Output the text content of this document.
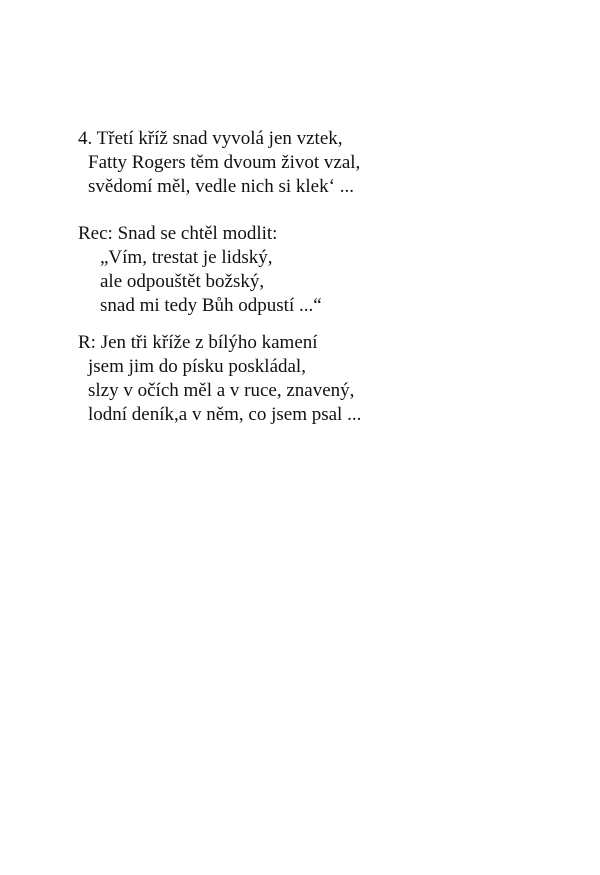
4. Třetí kříž snad vyvolá jen vztek,
Fatty Rogers těm dvoum život vzal,
svědomí měl, vedle nich si klek‘ ...
Rec: Snad se chtěl modlit:
„Vím, trestat je lidský,
ale odpouštět božský,
snad mi tedy Bůh odpustí ...“
R: Jen tři kříže z bílýho kamení
jsem jim do písku poskládal,
slzy v očích měl a v ruce, znavený,
lodní deník,a v něm, co jsem psal ...
